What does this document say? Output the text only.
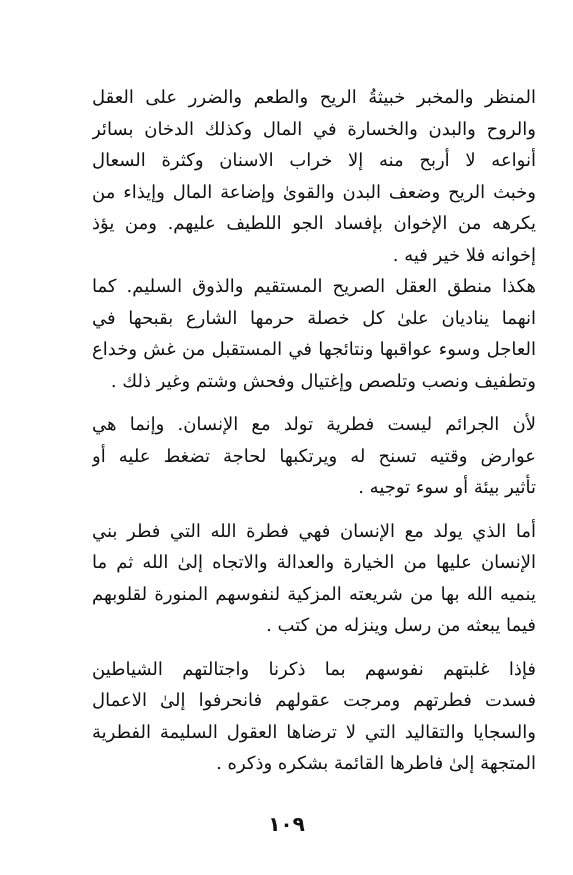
المنظر والمخبر خبيثةُ الريح والطعم والضرر على العقل
والروح والبدن والخسارة في المال وكذلك الدخان بسائر
أنواعه لا أربح منه إلا خراب الاسنان وكثرة السعال
وخبث الريح وضعف البدن والقوىٰ وإضاعة المال وإيذاء من
يكرهه من الإخوان بإفساد الجو اللطيف عليهم. ومن يؤذ
إخوانه فلا خير فيه .
هكذا منطق العقل الصريح المستقيم والذوق السليم. كما
انهما ينادیان علىٰ كل خصلة حرمها الشارع بقبحها في
العاجل وسوء عواقبها ونتائجها في المستقبل من غش وخداع
وتطفيف ونصب وتلصص وإغتيال وفحش وشتم وغير ذلك .
لأن الجرائم ليست فطرية تولد مع الإنسان. وإنما هي
عوارض وقتيه تسنح له ويرتكبها لحاجة تضغط عليه أو
تأثير بيئة أو سوء توجيه .
أما الذي يولد مع الإنسان فهي فطرة الله التي فطر بني
الإنسان عليها من الخيارة والعدالة والاتجاه إلىٰ الله ثم ما
ينميه الله بها من شريعته المزكية لنفوسهم المنورة لقلوبهم
فيما يبعثه من رسل وينزله من كتب .
فإذا غلبتهم نفوسهم بما ذكرنا واجتالتهم الشياطين
فسدت فطرتهم ومرجت عقولهم فانحرفوا إلىٰ الاعمال
والسجايا والتقاليد التي لا ترضاها العقول السليمة الفطرية
المتجهة إلىٰ فاطرها القائمة بشكره وذكره .
١٠٩
